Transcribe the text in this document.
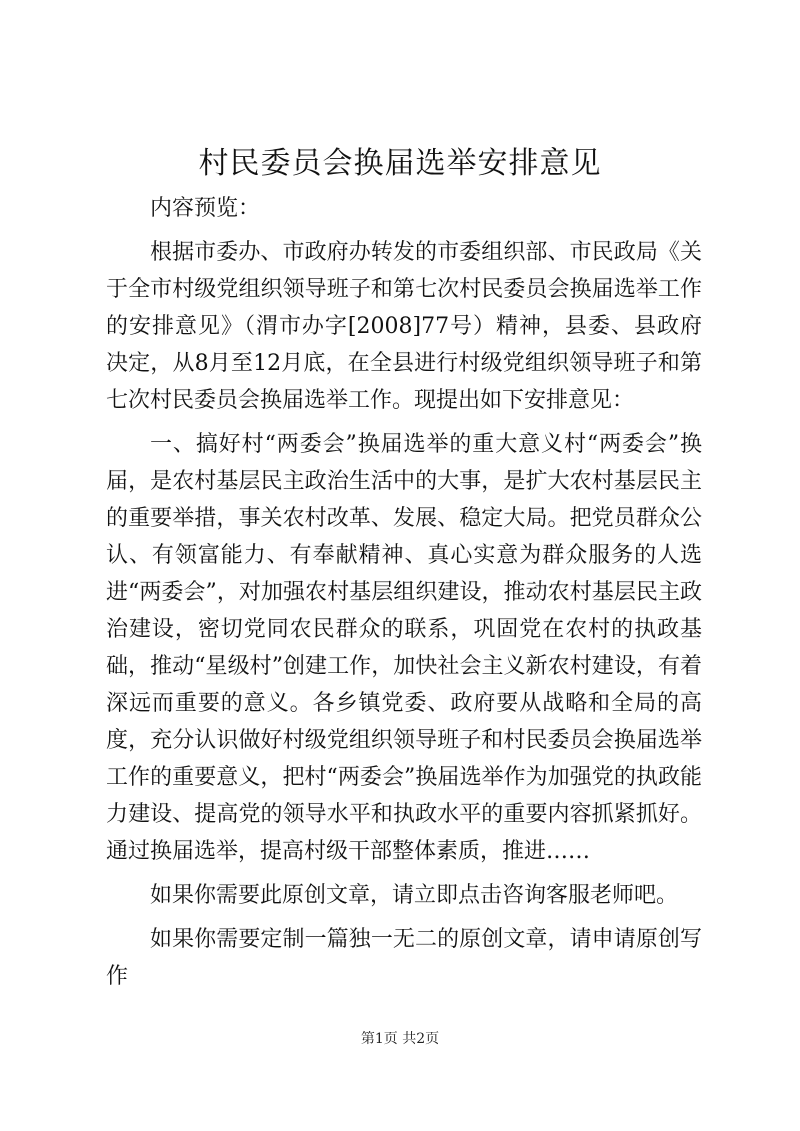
村民委员会换届选举安排意见

内容预览：

根据市委办、市政府办转发的市委组织部、市民政局《关于全市村级党组织领导班子和第七次村民委员会换届选举工作的安排意见》（渭市办字[2008]77号）精神，县委、县政府决定，从8月至12月底，在全县进行村级党组织领导班子和第七次村民委员会换届选举工作。现提出如下安排意见：

一、搞好村“两委会”换届选举的重大意义村“两委会”换届，是农村基层民主政治生活中的大事，是扩大农村基层民主的重要举措，事关农村改革、发展、稳定大局。把党员群众公认、有领富能力、有奉献精神、真心实意为群众服务的人选进“两委会”，对加强农村基层组织建设，推动农村基层民主政治建设，密切党同农民群众的联系，巩固党在农村的执政基础，推动“星级村”创建工作，加快社会主义新农村建设，有着深远而重要的意义。各乡镇党委、政府要从战略和全局的高度，充分认识做好村级党组织领导班子和村民委员会换届选举工作的重要意义，把村“两委会”换届选举作为加强党的执政能力建设、提高党的领导水平和执政水平的重要内容抓紧抓好。通过换届选举，提高村级干部整体素质，推进……

如果你需要此原创文章，请立即点击咨询客服老师吧。

如果你需要定制一篇独一无二的原创文章，请申请原创写作

第1页 共2页
